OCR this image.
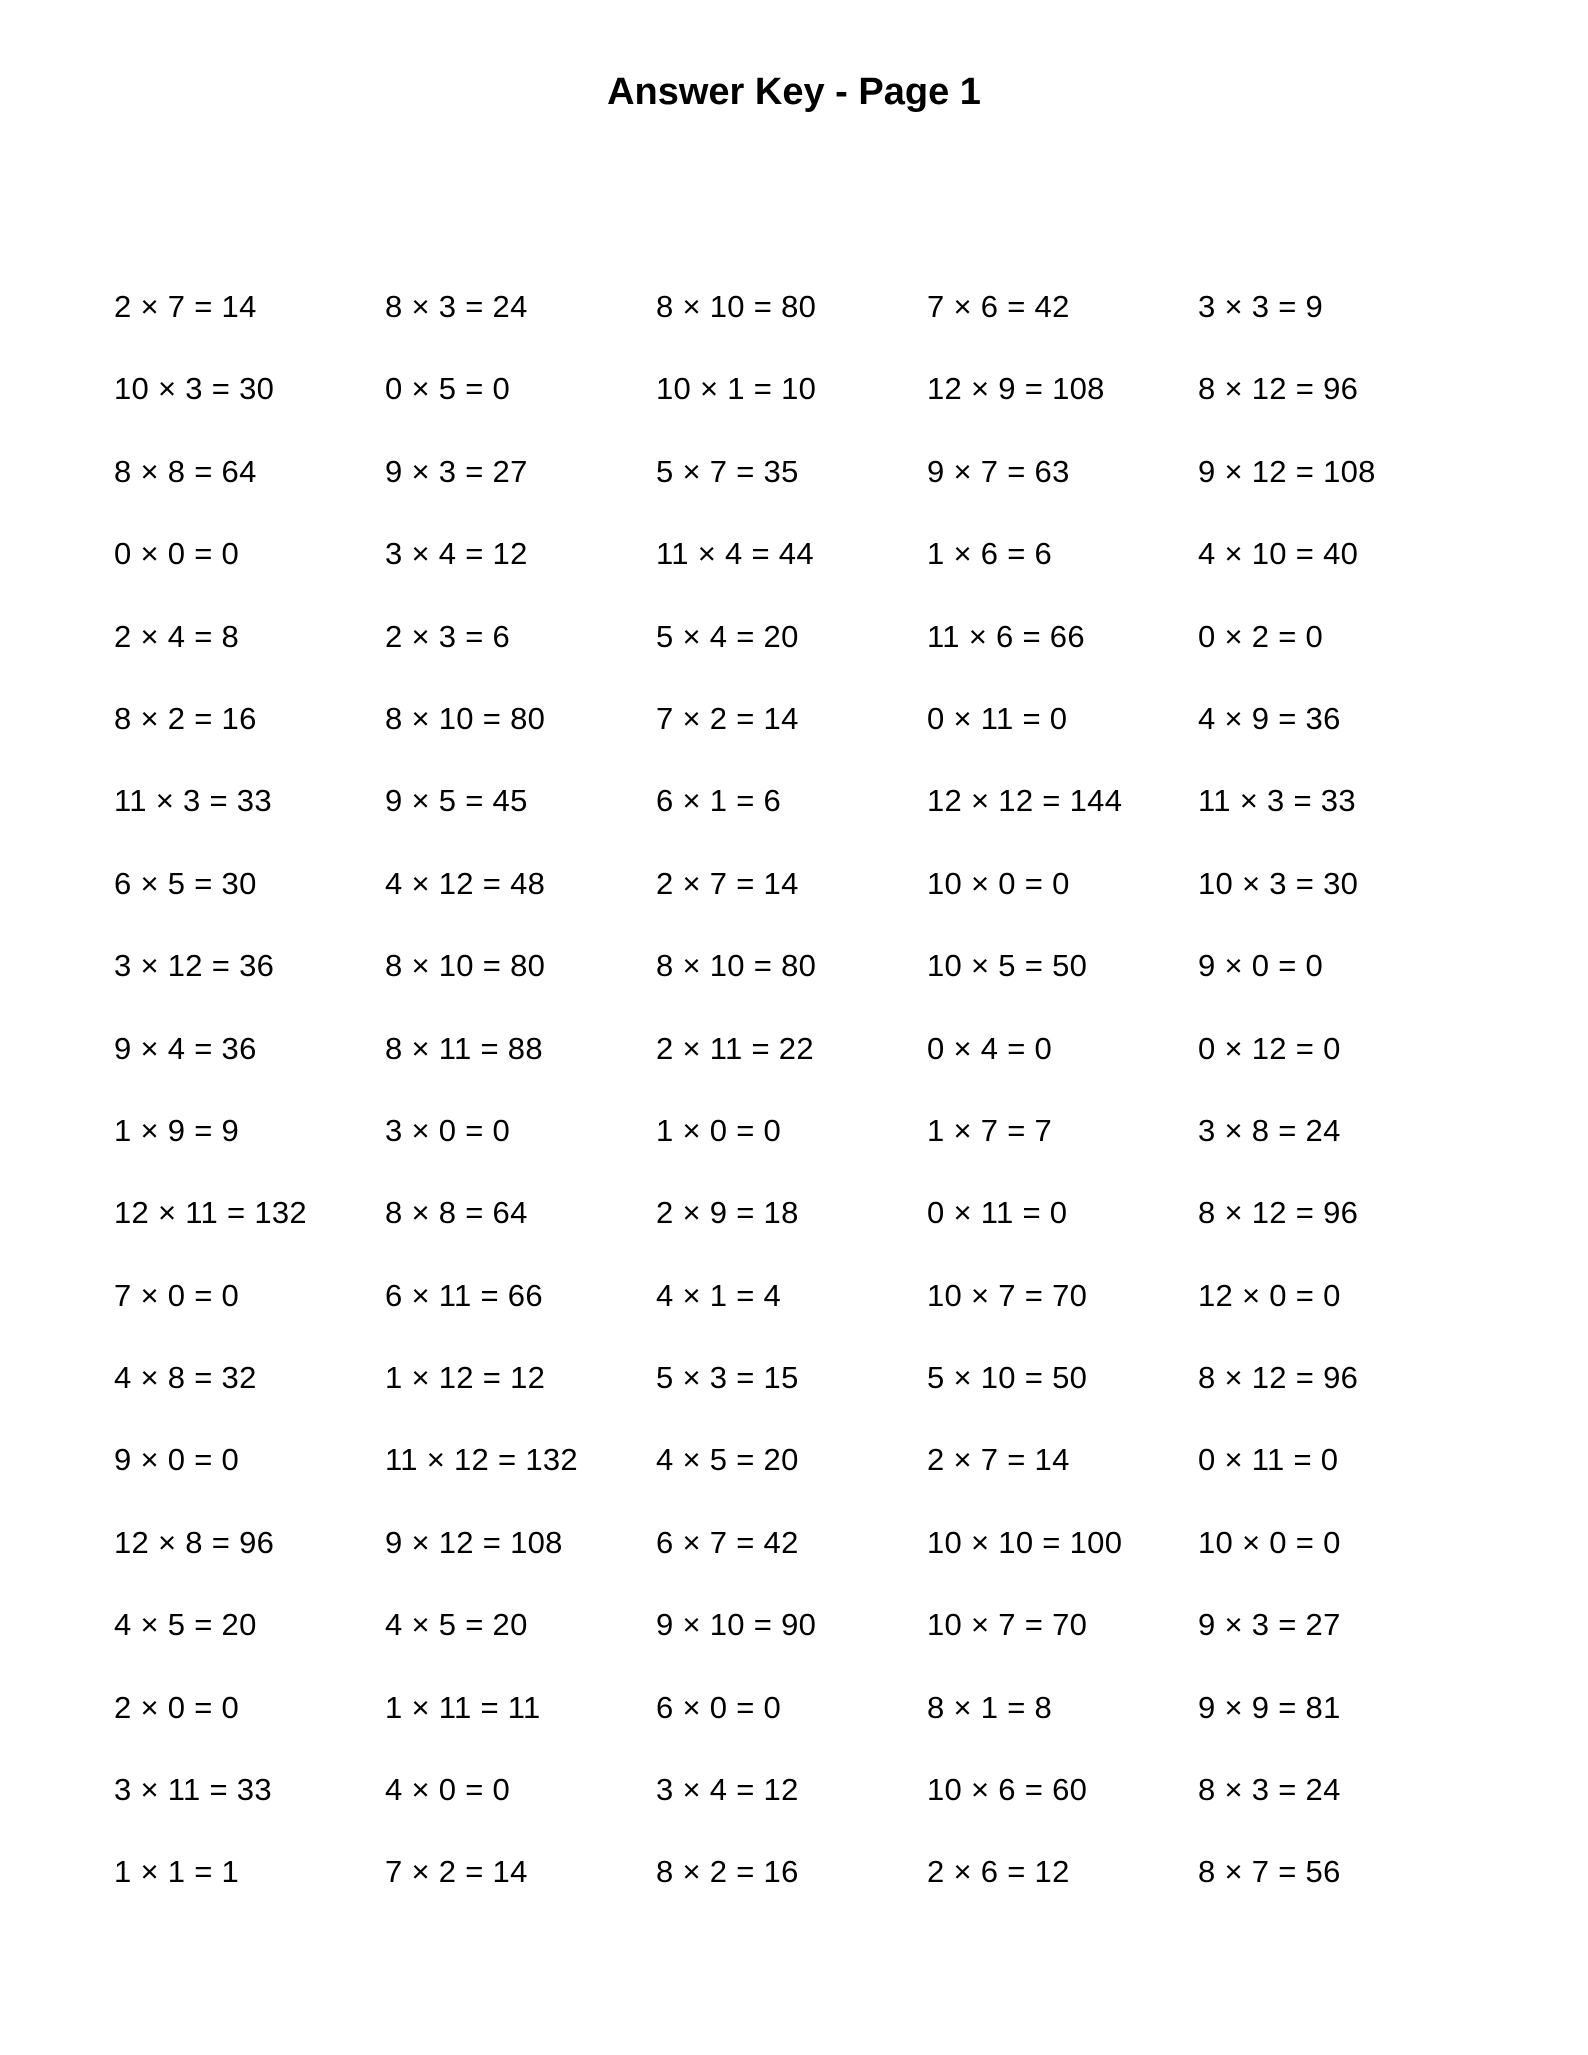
Answer Key - Page 1
2 × 7 = 14	8 × 3 = 24	8 × 10 = 80	7 × 6 = 42	3 × 3 = 9
10 × 3 = 30	0 × 5 = 0	10 × 1 = 10	12 × 9 = 108	8 × 12 = 96
8 × 8 = 64	9 × 3 = 27	5 × 7 = 35	9 × 7 = 63	9 × 12 = 108
0 × 0 = 0	3 × 4 = 12	11 × 4 = 44	1 × 6 = 6	4 × 10 = 40
2 × 4 = 8	2 × 3 = 6	5 × 4 = 20	11 × 6 = 66	0 × 2 = 0
8 × 2 = 16	8 × 10 = 80	7 × 2 = 14	0 × 11 = 0	4 × 9 = 36
11 × 3 = 33	9 × 5 = 45	6 × 1 = 6	12 × 12 = 144	11 × 3 = 33
6 × 5 = 30	4 × 12 = 48	2 × 7 = 14	10 × 0 = 0	10 × 3 = 30
3 × 12 = 36	8 × 10 = 80	8 × 10 = 80	10 × 5 = 50	9 × 0 = 0
9 × 4 = 36	8 × 11 = 88	2 × 11 = 22	0 × 4 = 0	0 × 12 = 0
1 × 9 = 9	3 × 0 = 0	1 × 0 = 0	1 × 7 = 7	3 × 8 = 24
12 × 11 = 132	8 × 8 = 64	2 × 9 = 18	0 × 11 = 0	8 × 12 = 96
7 × 0 = 0	6 × 11 = 66	4 × 1 = 4	10 × 7 = 70	12 × 0 = 0
4 × 8 = 32	1 × 12 = 12	5 × 3 = 15	5 × 10 = 50	8 × 12 = 96
9 × 0 = 0	11 × 12 = 132	4 × 5 = 20	2 × 7 = 14	0 × 11 = 0
12 × 8 = 96	9 × 12 = 108	6 × 7 = 42	10 × 10 = 100	10 × 0 = 0
4 × 5 = 20	4 × 5 = 20	9 × 10 = 90	10 × 7 = 70	9 × 3 = 27
2 × 0 = 0	1 × 11 = 11	6 × 0 = 0	8 × 1 = 8	9 × 9 = 81
3 × 11 = 33	4 × 0 = 0	3 × 4 = 12	10 × 6 = 60	8 × 3 = 24
1 × 1 = 1	7 × 2 = 14	8 × 2 = 16	2 × 6 = 12	8 × 7 = 56
